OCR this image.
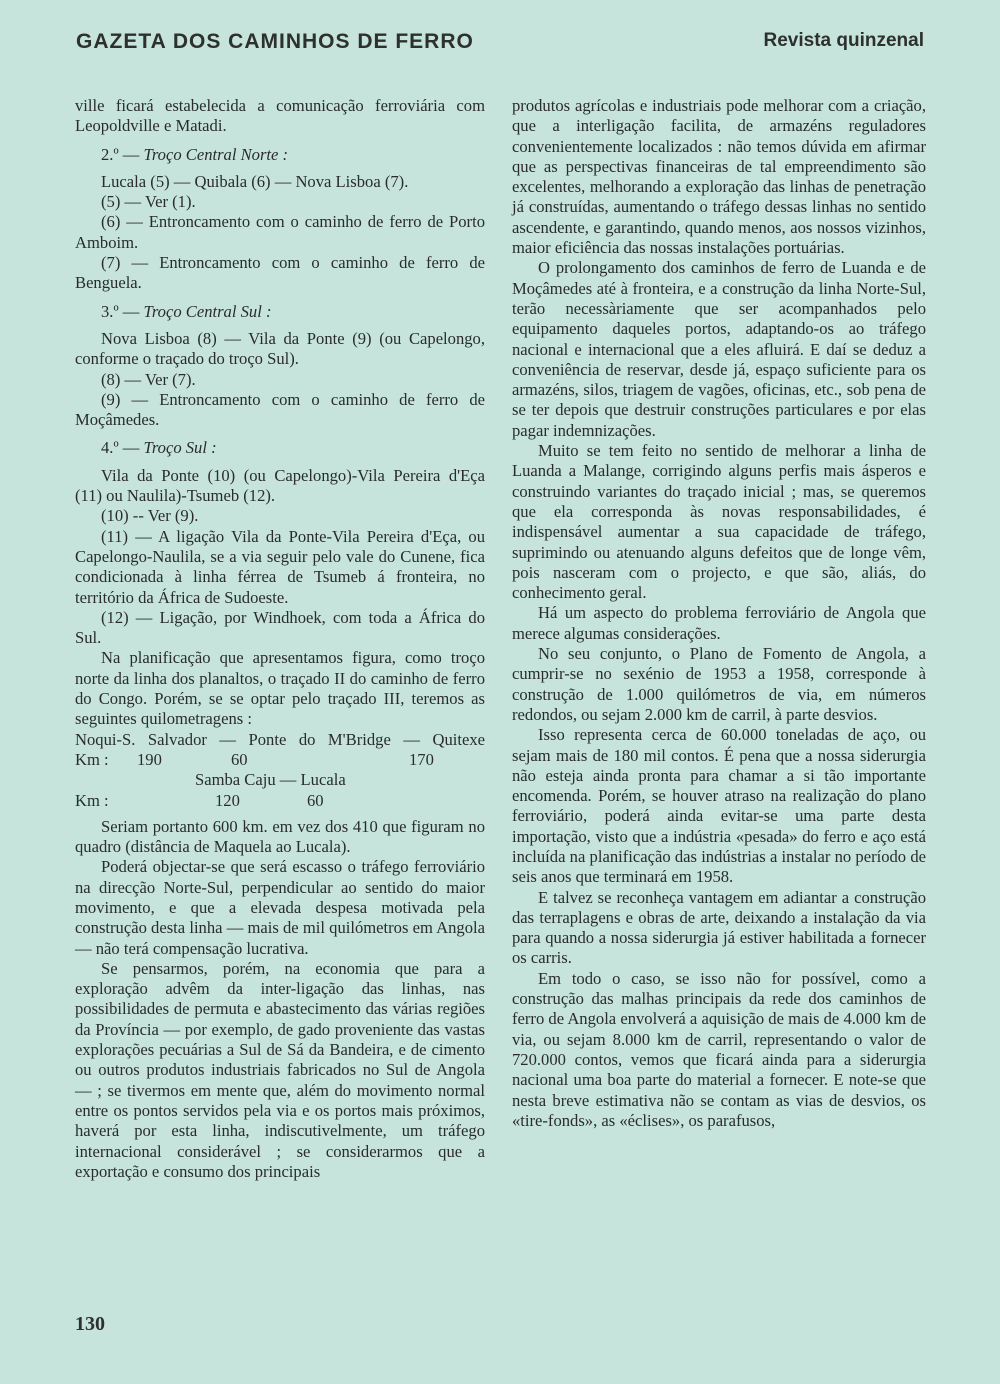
GAZETA DOS CAMINHOS DE FERRO	Revista quinzenal

ville ficará estabelecida a comunicação ferroviária com Leopoldville e Matadi.

2.º — Troço Central Norte :

Lucala (5) — Quibala (6) — Nova Lisboa (7).

(5) — Ver (1).

(6) — Entroncamento com o caminho de ferro de Porto Amboim.

(7) — Entroncamento com o caminho de ferro de Benguela.

3.º — Troço Central Sul :

Nova Lisboa (8) — Vila da Ponte (9) (ou Capelongo, conforme o traçado do troço Sul).

(8) — Ver (7).

(9) — Entroncamento com o caminho de ferro de Moçâmedes.

4.º — Troço Sul :

Vila da Ponte (10) (ou Capelongo)-Vila Pereira d'Eça (11) ou Naulila)-Tsumeb (12).

(10) -- Ver (9).

(11) — A ligação Vila da Ponte-Vila Pereira d'Eça, ou Capelongo-Naulila, se a via seguir pelo vale do Cunene, fica condicionada à linha férrea de Tsumeb á fronteira, no território da África de Sudoeste.

(12) — Ligação, por Windhoek, com toda a África do Sul.

Na planificação que apresentamos figura, como troço norte da linha dos planaltos, o traçado II do caminho de ferro do Congo. Porém, se se optar pelo traçado III, teremos as seguintes quilometragens :

Noqui-S. Salvador — Ponte do M'Bridge — Quitexe
Km :	190	60	170
Samba Caju — Lucala
Km :	120	60

Seriam portanto 600 km. em vez dos 410 que figuram no quadro (distância de Maquela ao Lucala).

Poderá objectar-se que será escasso o tráfego ferroviário na direcção Norte-Sul, perpendicular ao sentido do maior movimento, e que a elevada despesa motivada pela construção desta linha — mais de mil quilómetros em Angola — não terá compensação lucrativa.

Se pensarmos, porém, na economia que para a exploração advêm da inter-ligação das linhas, nas possibilidades de permuta e abastecimento das várias regiões da Província — por exemplo, de gado proveniente das vastas explorações pecuárias a Sul de Sá da Bandeira, e de cimento ou outros produtos industriais fabricados no Sul de Angola — ; se tivermos em mente que, além do movimento normal entre os pontos servidos pela via e os portos mais próximos, haverá por esta linha, indiscutivelmente, um tráfego internacional considerável ; se considerarmos que a exportação e consumo dos principais

produtos agrícolas e industriais pode melhorar com a criação, que a interligação facilita, de armazéns reguladores convenientemente localizados : não temos dúvida em afirmar que as perspectivas financeiras de tal empreendimento são excelentes, melhorando a exploração das linhas de penetração já construídas, aumentando o tráfego dessas linhas no sentido ascendente, e garantindo, quando menos, aos nossos vizinhos, maior eficiência das nossas instalações portuárias.

O prolongamento dos caminhos de ferro de Luanda e de Moçâmedes até à fronteira, e a construção da linha Norte-Sul, terão necessàriamente que ser acompanhados pelo equipamento daqueles portos, adaptando-os ao tráfego nacional e internacional que a eles afluirá. E daí se deduz a conveniência de reservar, desde já, espaço suficiente para os armazéns, silos, triagem de vagões, oficinas, etc., sob pena de se ter depois que destruir construções particulares e por elas pagar indemnizações.

Muito se tem feito no sentido de melhorar a linha de Luanda a Malange, corrigindo alguns perfis mais ásperos e construindo variantes do traçado inicial ; mas, se queremos que ela corresponda às novas responsabilidades, é indispensável aumentar a sua capacidade de tráfego, suprimindo ou atenuando alguns defeitos que de longe vêm, pois nasceram com o projecto, e que são, aliás, do conhecimento geral.

Há um aspecto do problema ferroviário de Angola que merece algumas considerações.

No seu conjunto, o Plano de Fomento de Angola, a cumprir-se no sexénio de 1953 a 1958, corresponde à construção de 1.000 quilómetros de via, em números redondos, ou sejam 2.000 km de carril, à parte desvios.

Isso representa cerca de 60.000 toneladas de aço, ou sejam mais de 180 mil contos. É pena que a nossa siderurgia não esteja ainda pronta para chamar a si tão importante encomenda. Porém, se houver atraso na realização do plano ferroviário, poderá ainda evitar-se uma parte desta importação, visto que a indústria «pesada» do ferro e aço está incluída na planificação das indústrias a instalar no período de seis anos que terminará em 1958.

E talvez se reconheça vantagem em adiantar a construção das terraplagens e obras de arte, deixando a instalação da via para quando a nossa siderurgia já estiver habilitada a fornecer os carris.

Em todo o caso, se isso não for possível, como a construção das malhas principais da rede dos caminhos de ferro de Angola envolverá a aquisição de mais de 4.000 km de via, ou sejam 8.000 km de carril, representando o valor de 720.000 contos, vemos que ficará ainda para a siderurgia nacional uma boa parte do material a fornecer. E note-se que nesta breve estimativa não se contam as vias de desvios, os «tire-fonds», as «éclises», os parafusos,

130
